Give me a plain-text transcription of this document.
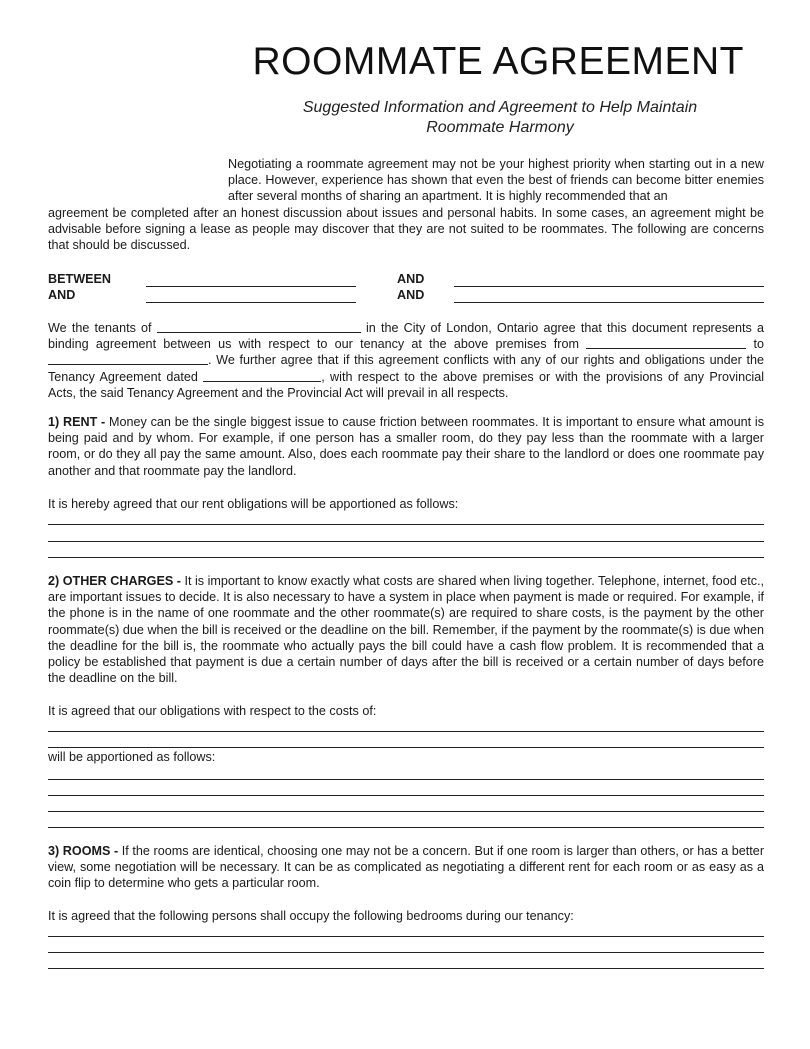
ROOMMATE AGREEMENT
Suggested Information and Agreement to Help Maintain
Roommate Harmony
Negotiating a roommate agreement may not be your highest priority when starting out in a new place. However, experience has shown that even the best of friends can become bitter enemies after several months of sharing an apartment. It is highly recommended that an
agreement be completed after an honest discussion about issues and personal habits. In some cases, an agreement might be advisable before signing a lease as people may discover that they are not suited to be roommates. The following are concerns that should be discussed.
BETWEEN	AND
AND	AND
We the tenants of	in the City of London, Ontario agree that this document represents a binding agreement between us with respect to our tenancy at the above premises from	to . We further agree that if this agreement conflicts with any of our rights and obligations under the Tenancy Agreement dated	, with respect to the above premises or with the provisions of any Provincial Acts, the said Tenancy Agreement and the Provincial Act will prevail in all respects.
1) RENT - Money can be the single biggest issue to cause friction between roommates. It is important to ensure what amount is being paid and by whom. For example, if one person has a smaller room, do they pay less than the roommate with a larger room, or do they all pay the same amount. Also, does each roommate pay their share to the landlord or does one roommate pay another and that roommate pay the landlord.
It is hereby agreed that our rent obligations will be apportioned as follows:
2) OTHER CHARGES - It is important to know exactly what costs are shared when living together. Telephone, internet, food etc., are important issues to decide. It is also necessary to have a system in place when payment is made or required. For example, if the phone is in the name of one roommate and the other roommate(s) are required to share costs, is the payment by the other roommate(s) due when the bill is received or the deadline on the bill. Remember, if the payment by the roommate(s) is due when the deadline for the bill is, the roommate who actually pays the bill could have a cash flow problem. It is recommended that a policy be established that payment is due a certain number of days after the bill is received or a certain number of days before the deadline on the bill.
It is agreed that our obligations with respect to the costs of:
will be apportioned as follows:
3) ROOMS - If the rooms are identical, choosing one may not be a concern. But if one room is larger than others, or has a better view, some negotiation will be necessary. It can be as complicated as negotiating a different rent for each room or as easy as a coin flip to determine who gets a particular room.
It is agreed that the following persons shall occupy the following bedrooms during our tenancy:
